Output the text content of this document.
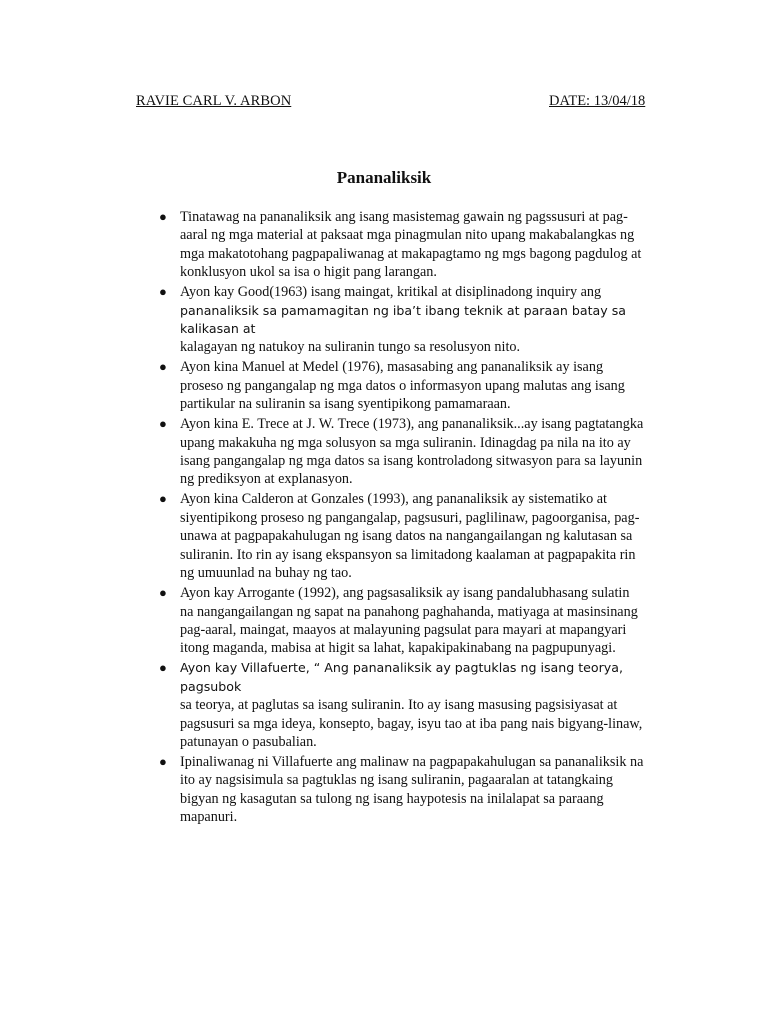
RAVIE CARL V. ARBON	DATE: 13/04/18
Pananaliksik
● Tinatawag na pananaliksik ang isang masistemag gawain ng pagssusuri at pag-
aaral ng mga material at paksaat mga pinagmulan nito upang makabalangkas ng
mga makatotohang pagpapaliwanag at makapagtamo ng mgs bagong pagdulog at
konklusyon ukol sa isa o higit pang larangan.
● Ayon kay Good(1963) isang maingat, kritikal at disiplinadong inquiry ang
pananaliksik sa pamamagitan ng iba’t ibang teknik at paraan batay sa kalikasan at
kalagayan ng natukoy na suliranin tungo sa resolusyon nito.
● Ayon kina Manuel at Medel (1976), masasabing ang pananaliksik ay isang
proseso ng pangangalap ng mga datos o informasyon upang malutas ang isang
partikular na suliranin sa isang syentipikong pamamaraan.
● Ayon kina E. Trece at J. W. Trece (1973), ang pananaliksik...ay isang pagtatangka
upang makakuha ng mga solusyon sa mga suliranin. Idinagdag pa nila na ito ay
isang pangangalap ng mga datos sa isang kontroladong sitwasyon para sa layunin
ng prediksyon at explanasyon.
● Ayon kina Calderon at Gonzales (1993), ang pananaliksik ay sistematiko at
siyentipikong proseso ng pangangalap, pagsusuri, paglilinaw, pagoorganisa, pag-
unawa at pagpapakahulugan ng isang datos na nangangailangan ng kalutasan sa
suliranin. Ito rin ay isang ekspansyon sa limitadong kaalaman at pagpapakita rin
ng umuunlad na buhay ng tao.
● Ayon kay Arrogante (1992), ang pagsasaliksik ay isang pandalubhasang sulatin
na nangangailangan ng sapat na panahong paghahanda, matiyaga at masinsinang
pag-aaral, maingat, maayos at malayuning pagsulat para mayari at mapangyari
itong maganda, mabisa at higit sa lahat, kapakipakinabang na pagpupunyagi.
● Ayon kay Villafuerte, “ Ang pananaliksik ay pagtuklas ng isang teorya, pagsubok
sa teorya, at paglutas sa isang suliranin. Ito ay isang masusing pagsisiyasat at
pagsusuri sa mga ideya, konsepto, bagay, isyu tao at iba pang nais bigyang-linaw,
patunayan o pasubalian.
● Ipinaliwanag ni Villafuerte ang malinaw na pagpapakahulugan sa pananaliksik na
ito ay nagsisimula sa pagtuklas ng isang suliranin, pagaaralan at tatangkaing
bigyan ng kasagutan sa tulong ng isang haypotesis na inilalapat sa paraang
mapanuri.
